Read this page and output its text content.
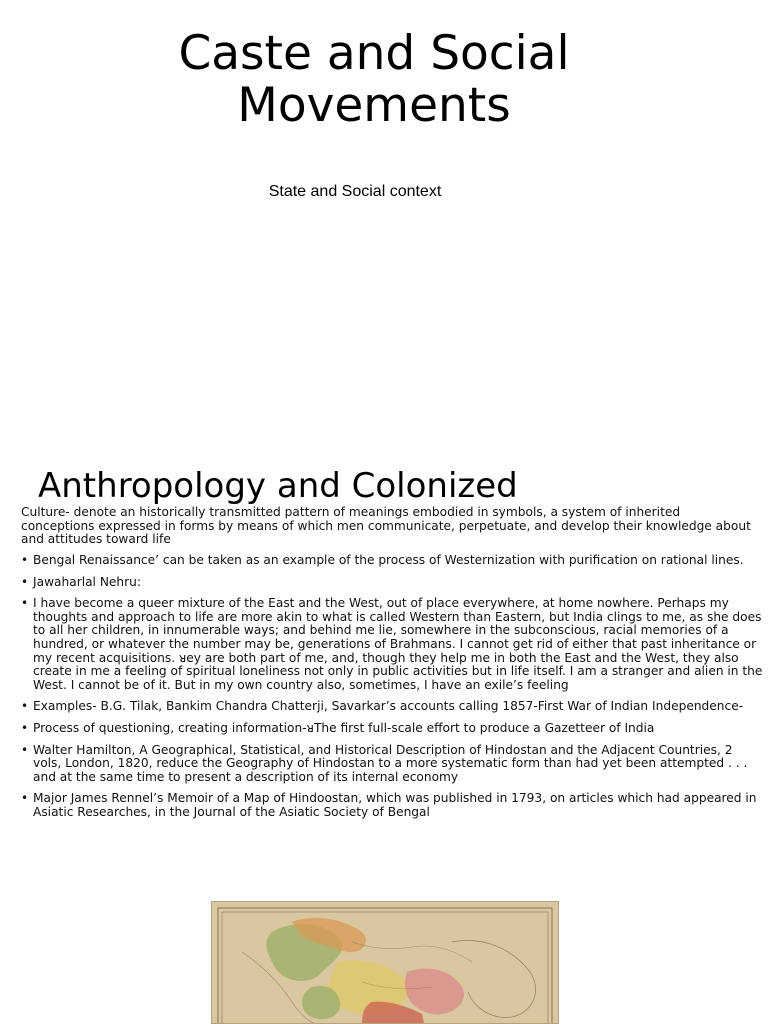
Caste and Social Movements

State and Social context

Anthropology and Colonized

Culture- denote an historically transmitted pattern of meanings embodied in symbols, a system of inherited conceptions expressed in forms by means of which men communicate, perpetuate, and develop their knowledge about and attitudes toward life

• Bengal Renaissance’ can be taken as an example of the process of Westernization with purification on rational lines.
• Jawaharlal Nehru:
• I have become a queer mixture of the East and the West, out of place everywhere, at home nowhere. Perhaps my thoughts and approach to life are more akin to what is called Western than Eastern, but India clings to me, as she does to all her children, in innumerable ways; and behind me lie, somewhere in the subconscious, racial memories of a hundred, or whatever the number may be, generations of Brahmans. I cannot get rid of either that past inheritance or my recent acquisitions. ᴚey are both part of me, and, though they help me in both the East and the West, they also create in me a feeling of spiritual loneliness not only in public activities but in life itself. I am a stranger and alien in the West. I cannot be of it. But in my own country also, sometimes, I have an exile’s feeling
• Examples- B.G. Tilak, Bankim Chandra Chatterji, Savarkar’s accounts calling 1857-First War of Indian Independence-
• Process of questioning, creating information-ᴚThe first full-scale effort to produce a Gazetteer of India
• Walter Hamilton, A Geographical, Statistical, and Historical Description of Hindostan and the Adjacent Countries, 2 vols, London, 1820, reduce the Geography of Hindostan to a more systematic form than had yet been attempted . . . and at the same time to present a description of its internal economy
• Major James Rennel’s Memoir of a Map of Hindoostan, which was published in 1793, on articles which had appeared in Asiatic Researches, in the Journal of the Asiatic Society of Bengal
